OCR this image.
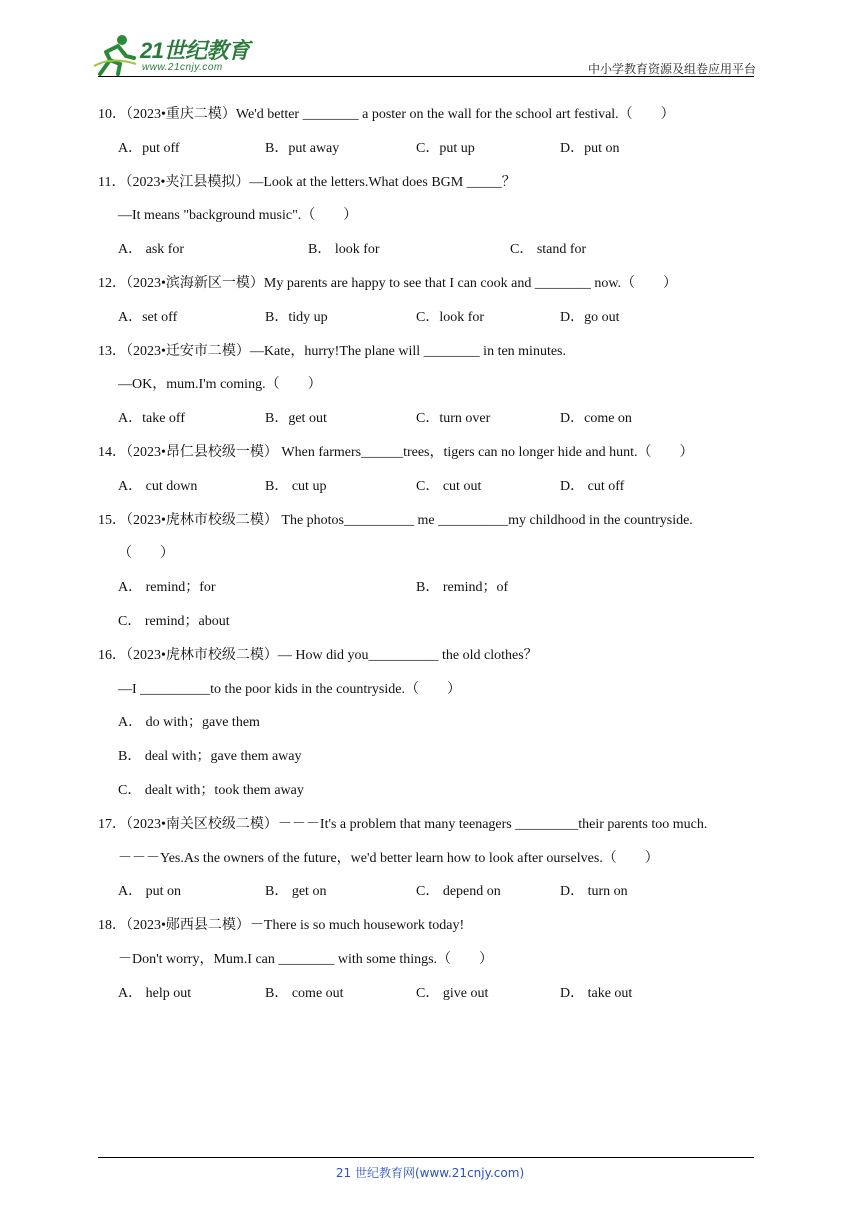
21世纪教育
www.21cnjy.com	中小学教育资源及组卷应用平台
10．（2023•重庆二模）We'd better ________ a poster on the wall for the school art festival.（　　）
A．put off	B．put away	C．put up	D．put on
11．（2023•夹江县模拟）—Look at the letters.What does BGM _____？
—It means "background music".（　　）
A． ask for	B． look for	C． stand for
12．（2023•滨海新区一模）My parents are happy to see that I can cook and ________ now.（　　）
A．set off	B．tidy up	C．look for	D．go out
13．（2023•迁安市二模）—Kate，hurry!The plane will ________ in ten minutes.
—OK，mum.I'm coming.（　　）
A．take off	B．get out	C．turn over	D．come on
14．（2023•昂仁县校级一模） When farmers______trees，tigers can no longer hide and hunt.（　　）
A． cut down	B． cut up	C． cut out	D． cut off
15．（2023•虎林市校级二模） The photos__________ me __________my childhood in the countryside.
（　　）
A． remind；for	B． remind；of
C． remind；about
16．（2023•虎林市校级二模）— How did you__________ the old clothes？
—I __________to the poor kids in the countryside.（　　）
A． do with；gave them
B． deal with；gave them away
C． dealt with；took them away
17．（2023•南关区校级二模）－－－It's a problem that many teenagers _________their parents too much.
－－－Yes.As the owners of the future，we'd better learn how to look after ourselves.（　　）
A． put on	B． get on	C． depend on	D． turn on
18．（2023•郧西县二模）－There is so much housework today!
－Don't worry，Mum.I can ________ with some things.（　　）
A． help out	B． come out	C． give out	D． take out
21 世纪教育网(www.21cnjy.com)
